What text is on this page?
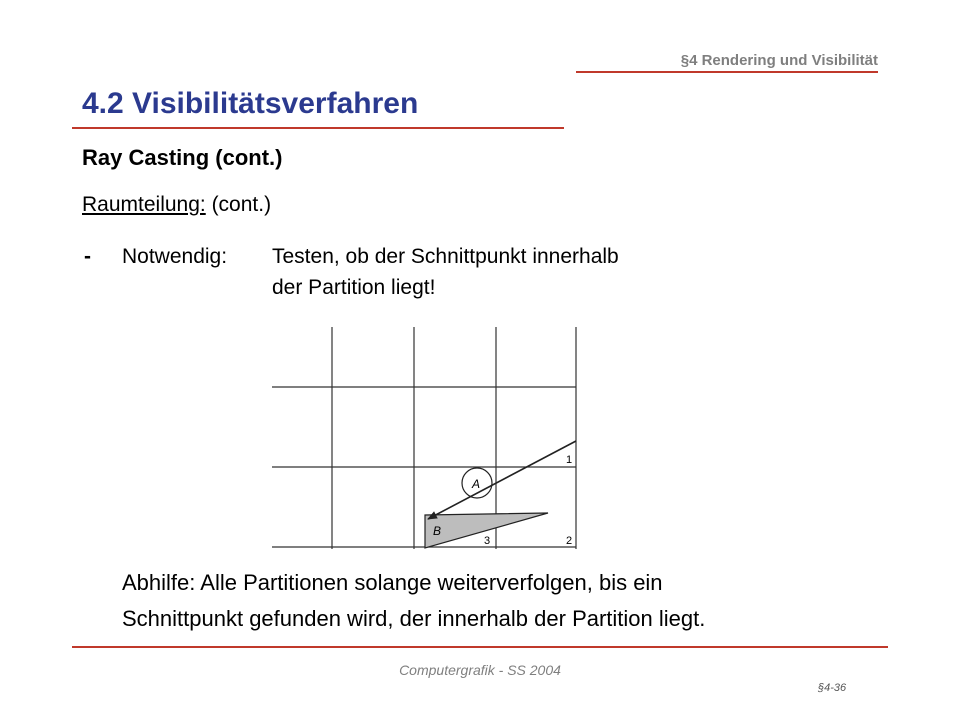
§4 Rendering und Visibilität
4.2 Visibilitätsverfahren
Ray Casting (cont.)
Raumteilung: (cont.)
- Notwendig: Testen, ob der Schnittpunkt innerhalb
der Partition liegt!
A
B
1
2
3
Abhilfe: Alle Partitionen solange weiterverfolgen, bis ein
Schnittpunkt gefunden wird, der innerhalb der Partition liegt.
Computergrafik - SS 2004
§4-36
